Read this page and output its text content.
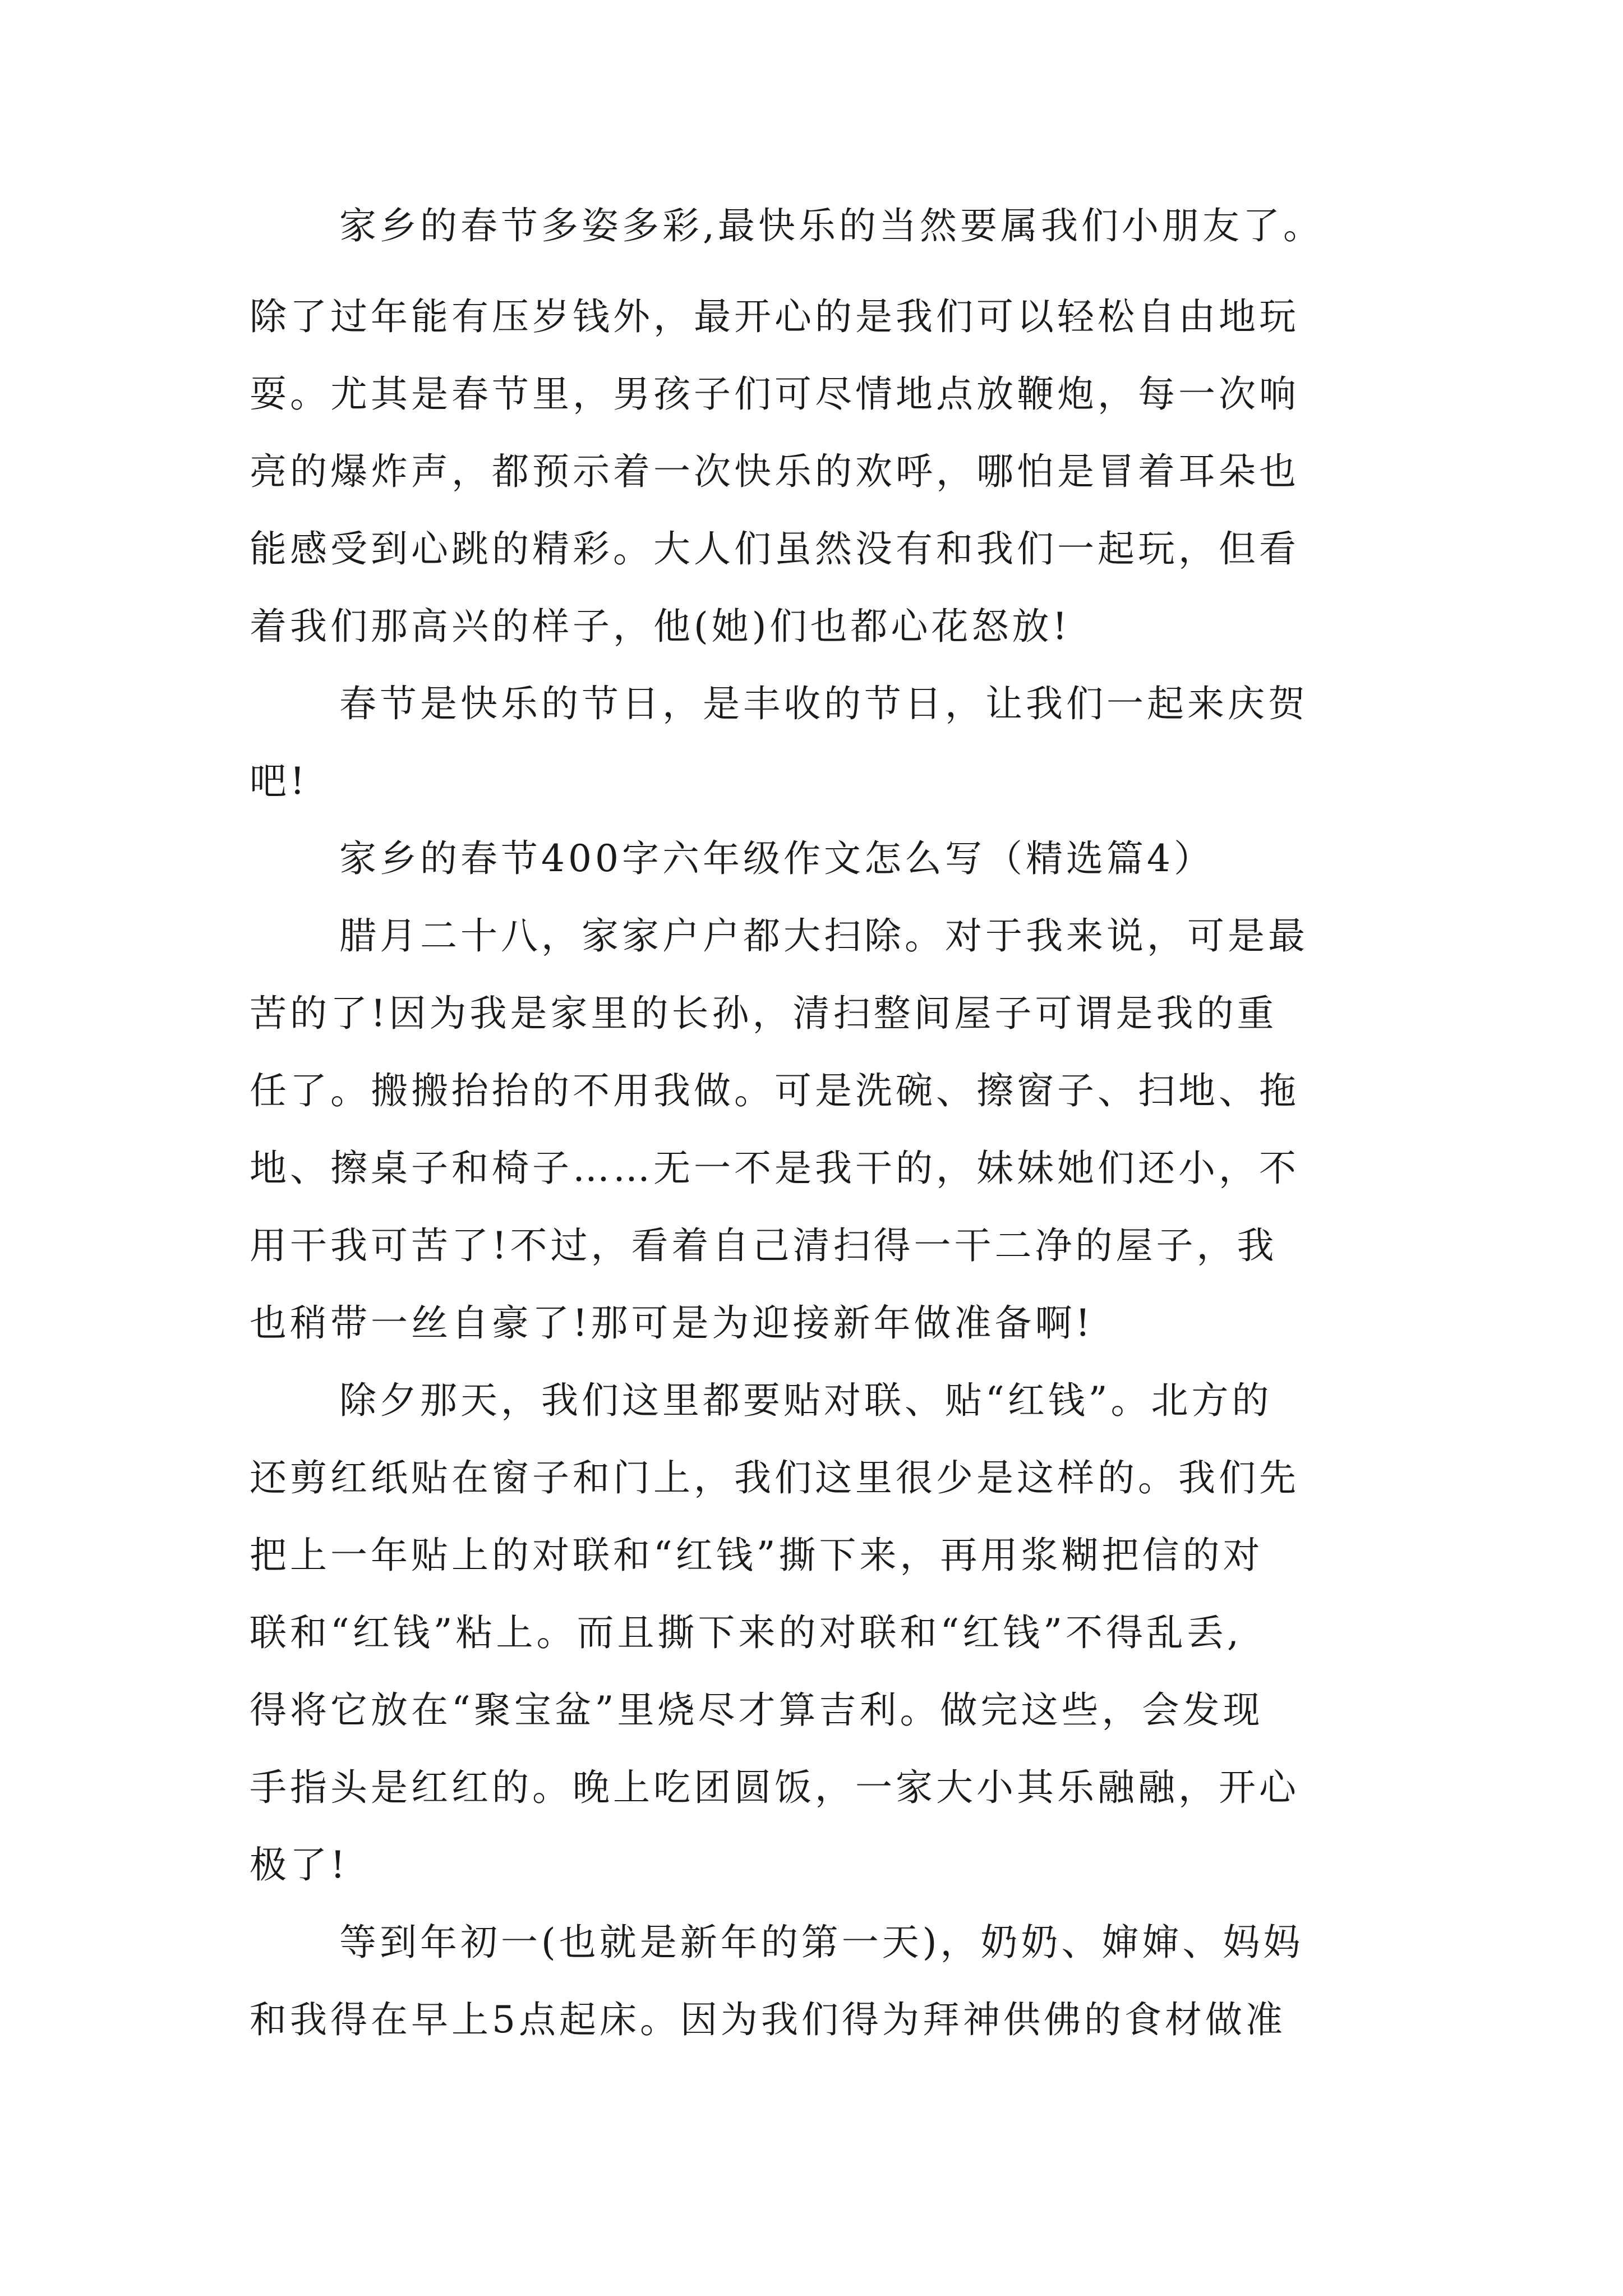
家乡的春节多姿多彩,最快乐的当然要属我们小朋友了。
除了过年能有压岁钱外，最开心的是我们可以轻松自由地玩
耍。尤其是春节里，男孩子们可尽情地点放鞭炮，每一次响
亮的爆炸声，都预示着一次快乐的欢呼，哪怕是冒着耳朵也
能感受到心跳的精彩。大人们虽然没有和我们一起玩，但看
着我们那高兴的样子，他(她)们也都心花怒放!
春节是快乐的节日，是丰收的节日，让我们一起来庆贺
吧!
家乡的春节400字六年级作文怎么写（精选篇4）
腊月二十八，家家户户都大扫除。对于我来说，可是最
苦的了!因为我是家里的长孙，清扫整间屋子可谓是我的重
任了。搬搬抬抬的不用我做。可是洗碗、擦窗子、扫地、拖
地、擦桌子和椅子……无一不是我干的，妹妹她们还小，不
用干我可苦了!不过，看着自己清扫得一干二净的屋子，我
也稍带一丝自豪了!那可是为迎接新年做准备啊!
除夕那天，我们这里都要贴对联、贴“红钱”。北方的
还剪红纸贴在窗子和门上，我们这里很少是这样的。我们先
把上一年贴上的对联和“红钱”撕下来，再用浆糊把信的对
联和“红钱”粘上。而且撕下来的对联和“红钱”不得乱丢,
得将它放在“聚宝盆”里烧尽才算吉利。做完这些，会发现
手指头是红红的。晚上吃团圆饭，一家大小其乐融融，开心
极了!
等到年初一(也就是新年的第一天)，奶奶、婶婶、妈妈
和我得在早上5点起床。因为我们得为拜神供佛的食材做准
